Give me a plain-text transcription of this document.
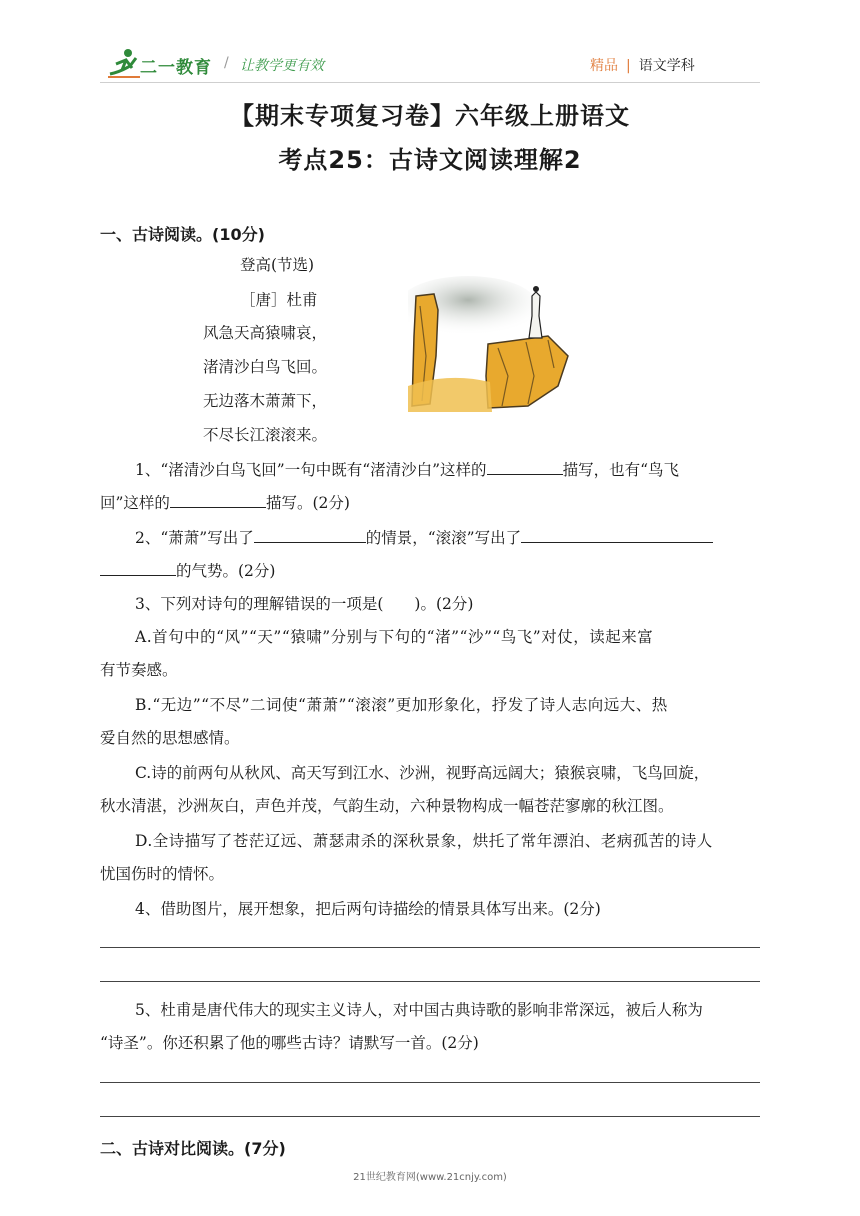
二一教育 / 让教学更有效	精品 | 语文学科
【期末专项复习卷】六年级上册语文
考点25：古诗文阅读理解2
一、古诗阅读。(10分)
登高(节选)
［唐］杜甫
风急天高猿啸哀，
渚清沙白鸟飞回。
无边落木萧萧下，
不尽长江滚滚来。
1、“渚清沙白鸟飞回”一句中既有“渚清沙白”这样的	描写，也有“鸟飞
回”这样的	描写。(2分)
2、“萧萧”写出了	的情景，“滚滚”写出了
的气势。(2分)
3、下列对诗句的理解错误的一项是(　　)。(2分)
A.首句中的“风”“天”“猿啸”分别与下句的“渚”“沙”“鸟飞”对仗，读起来富
有节奏感。
B.“无边”“不尽”二词使“萧萧”“滚滚”更加形象化，抒发了诗人志向远大、热
爱自然的思想感情。
C.诗的前两句从秋风、高天写到江水、沙洲，视野高远阔大；猿猴哀啸，飞鸟回旋，
秋水清湛，沙洲灰白，声色并茂，气韵生动，六种景物构成一幅苍茫寥廓的秋江图。
D.全诗描写了苍茫辽远、萧瑟肃杀的深秋景象，烘托了常年漂泊、老病孤苦的诗人
忧国伤时的情怀。
4、借助图片，展开想象，把后两句诗描绘的情景具体写出来。(2分)
5、杜甫是唐代伟大的现实主义诗人，对中国古典诗歌的影响非常深远，被后人称为
“诗圣”。你还积累了他的哪些古诗？请默写一首。(2分)
二、古诗对比阅读。(7分)
21世纪教育网(www.21cnjy.com)
